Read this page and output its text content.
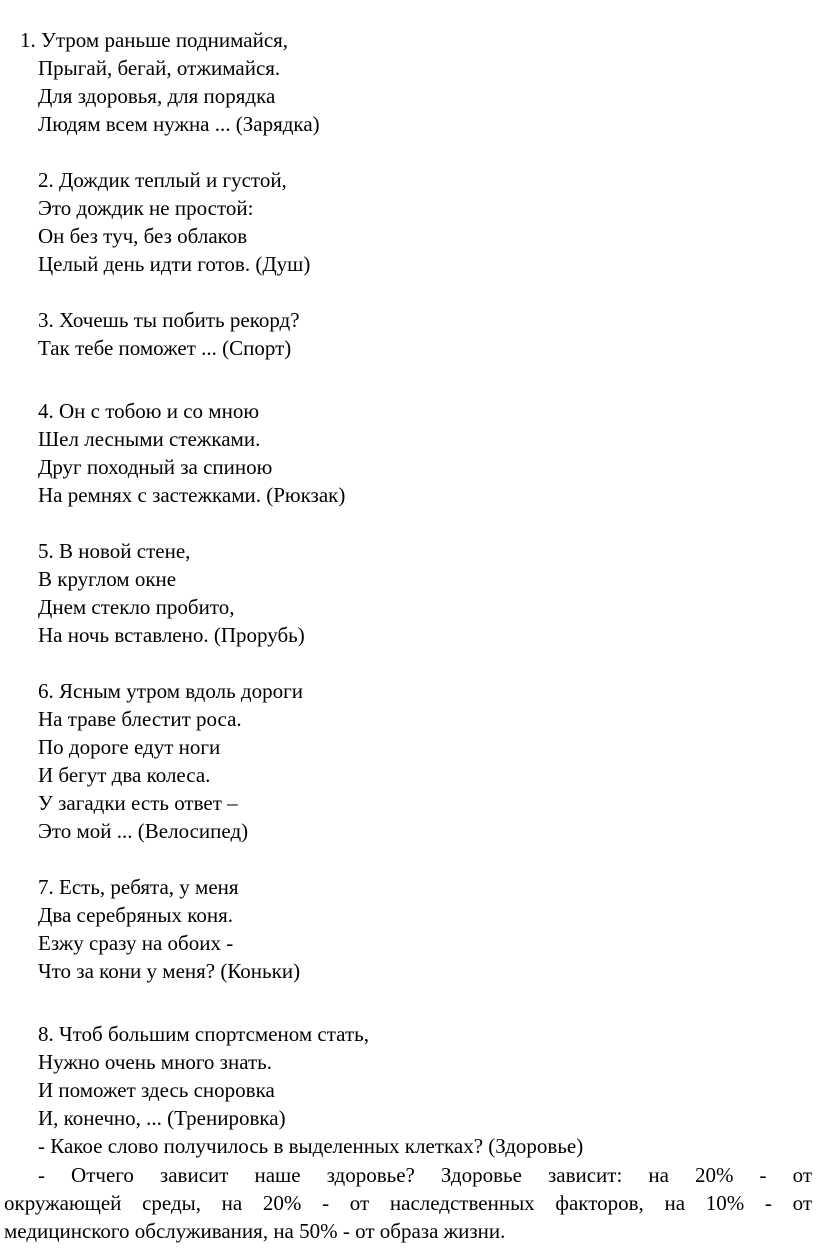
1. Утром раньше поднимайся,
Прыгай, бегай, отжимайся.
Для здоровья, для порядка
Людям всем нужна ... (Зарядка)
2. Дождик теплый и густой,
Это дождик не простой:
Он без туч, без облаков
Целый день идти готов. (Душ)
3. Хочешь ты побить рекорд?
Так тебе поможет ... (Спорт)
4. Он с тобою и со мною
Шел лесными стежками.
Друг походный за спиною
На ремнях с застежками. (Рюкзак)
5. В новой стене,
В круглом окне
Днем стекло пробито,
На ночь вставлено. (Прорубь)
6. Ясным утром вдоль дороги
На траве блестит роса.
По дороге едут ноги
И бегут два колеса.
У загадки есть ответ –
Это мой ... (Велосипед)
7. Есть, ребята, у меня
Два серебряных коня.
Езжу сразу на обоих -
Что за кони у меня? (Коньки)
8. Чтоб большим спортсменом стать,
Нужно очень много знать.
И поможет здесь сноровка
И, конечно, ... (Тренировка)
- Какое слово получилось в выделенных клетках? (Здоровье)
- Отчего зависит наше здоровье? Здоровье зависит: на 20% - от
окружающей среды, на 20% - от наследственных факторов, на 10% - от
медицинского обслуживания, на 50% - от образа жизни.
